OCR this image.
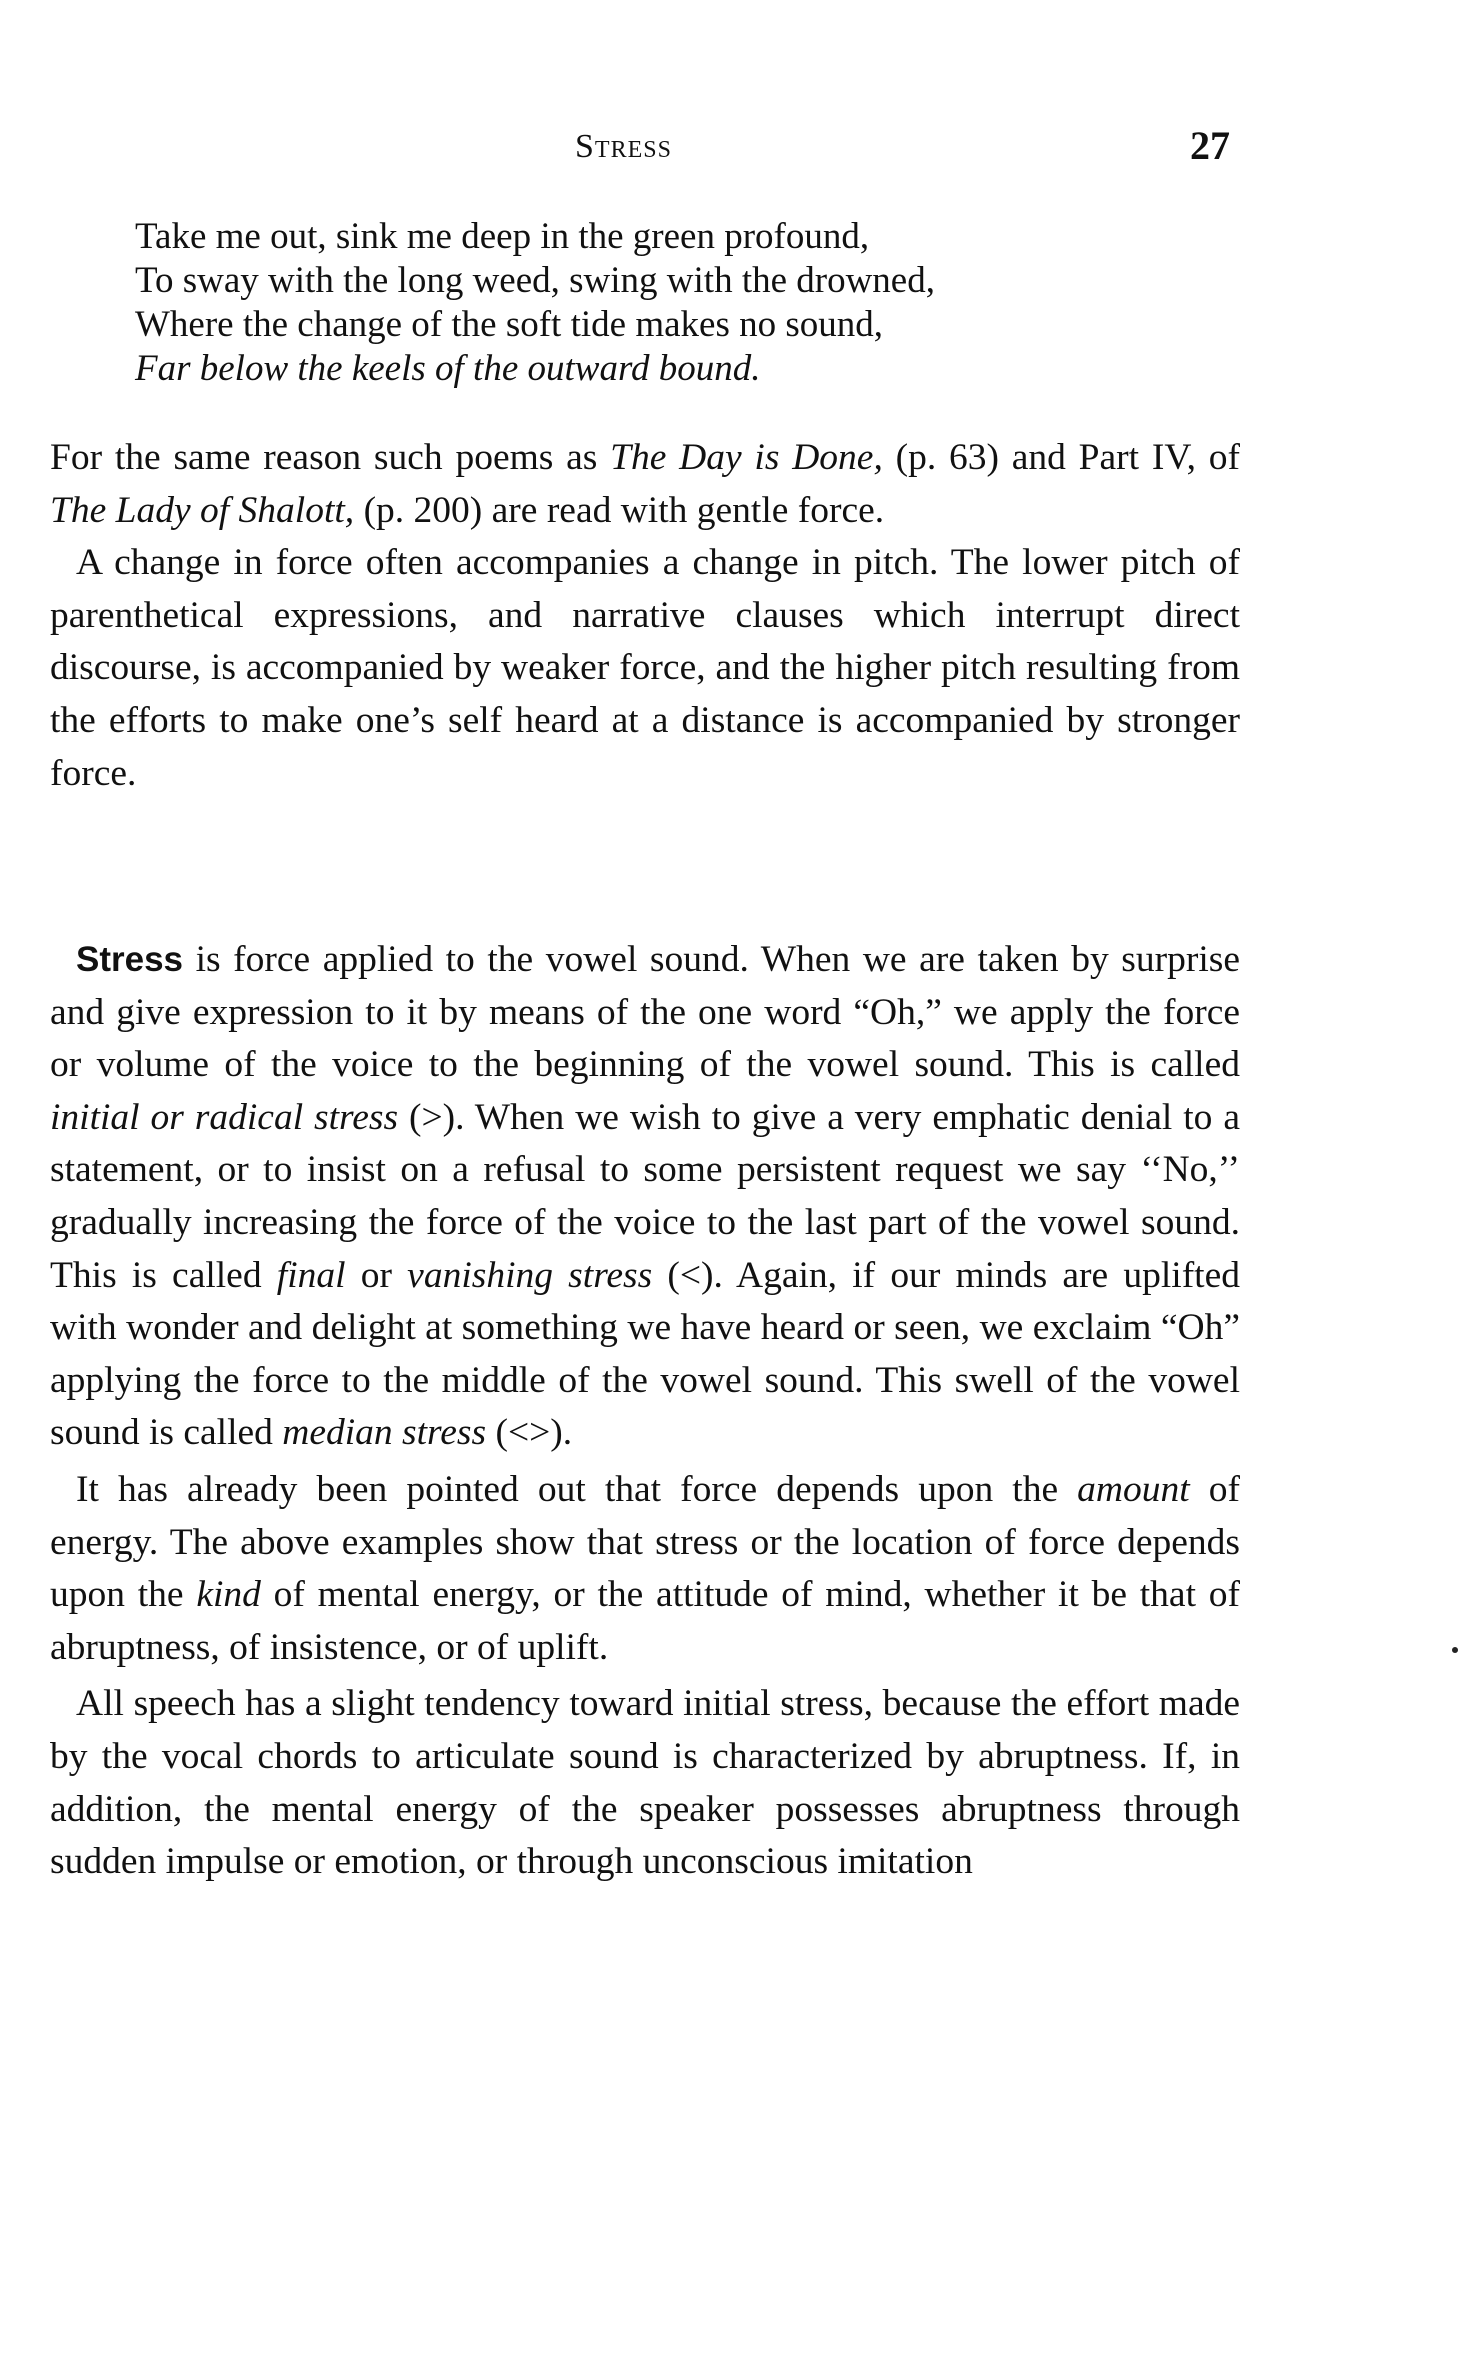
Stress	27
Take me out, sink me deep in the green profound,
To sway with the long weed, swing with the drowned,
Where the change of the soft tide makes no sound,
Far below the keels of the outward bound.

For the same reason such poems as The Day is Done, (p. 63) and Part IV, of The Lady of Shalott, (p. 200) are read with gentle force.

A change in force often accompanies a change in pitch. The lower pitch of parenthetical expressions, and narrative clauses which interrupt direct discourse, is accompanied by weaker force, and the higher pitch resulting from the efforts to make one’s self heard at a distance is accompanied by stronger force.

Stress is force applied to the vowel sound. When we are taken by surprise and give expression to it by means of the one word “Oh,” we apply the force or volume of the voice to the beginning of the vowel sound. This is called initial or radical stress (>). When we wish to give a very emphatic denial to a statement, or to insist on a refusal to some persistent request we say ‘‘No,’’ gradually increasing the force of the voice to the last part of the vowel sound. This is called final or vanishing stress (<). Again, if our minds are uplifted with wonder and delight at something we have heard or seen, we exclaim “Oh” applying the force to the middle of the vowel sound. This swell of the vowel sound is called median stress (<>).

It has already been pointed out that force depends upon the amount of energy. The above examples show that stress or the location of force depends upon the kind of mental energy, or the attitude of mind, whether it be that of abruptness, of insistence, or of uplift.

All speech has a slight tendency toward initial stress, because the effort made by the vocal chords to articulate sound is characterized by abruptness. If, in addition, the mental energy of the speaker possesses abruptness through sudden impulse or emotion, or through unconscious imitation
